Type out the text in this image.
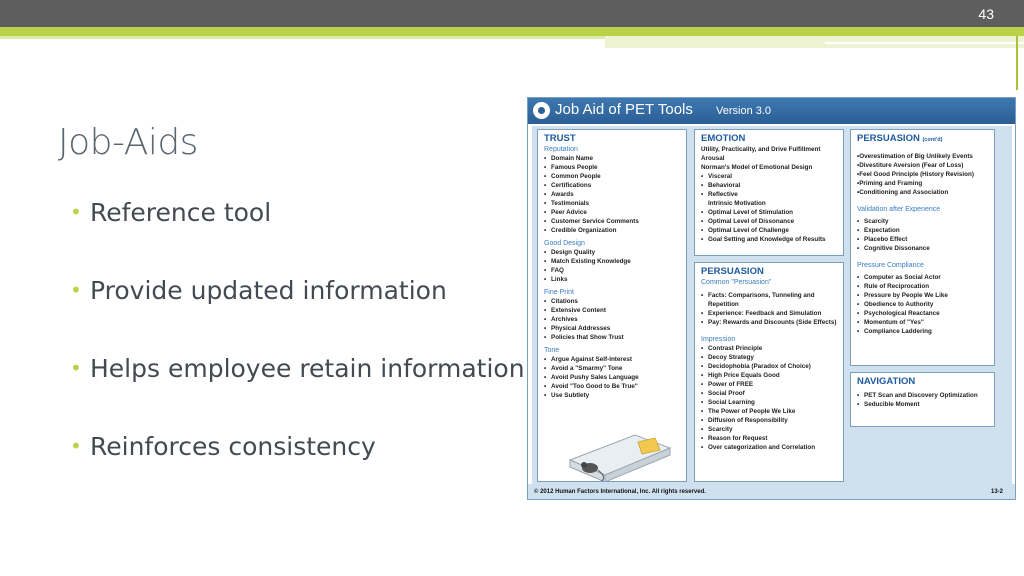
43
Job-Aids
• Reference tool
• Provide updated information
• Helps employee retain information
• Reinforces consistency
Job Aid of PET Tools Version 3.0
TRUST
Reputation
• Domain Name
• Famous People
• Common People
• Certifications
• Awards
• Testimonials
• Peer Advice
• Customer Service Comments
• Credible Organization
Good Design
• Design Quality
• Match Existing Knowledge
• FAQ
• Links
Fine Print
• Citations
• Extensive Content
• Archives
• Physical Addresses
• Policies that Show Trust
Tone
• Argue Against Self-Interest
• Avoid a "Smarmy" Tone
• Avoid Pushy Sales Language
• Avoid "Too Good to Be True"
• Use Subtlety
EMOTION
Utility, Practicality, and Drive Fulfillment
Arousal
Norman's Model of Emotional Design
• Visceral
• Behavioral
• Reflective
Intrinsic Motivation
• Optimal Level of Stimulation
• Optimal Level of Dissonance
• Optimal Level of Challenge
• Goal Setting and Knowledge of Results
PERSUASION
Common "Persuasion"
• Facts: Comparisons, Tunneling and Repetition
• Experience: Feedback and Simulation
• Pay: Rewards and Discounts (Side Effects)
Impression
• Contrast Principle
• Decoy Strategy
• Decidophobia (Paradox of Choice)
• High Price Equals Good
• Power of FREE
• Social Proof
• Social Learning
• The Power of People We Like
• Diffusion of Responsibility
• Scarcity
• Reason for Request
• Over categorization and Correlation
PERSUASION (cont'd)
•Overestimation of Big Unlikely Events
•Divestiture Aversion (Fear of Loss)
•Feel Good Principle (History Revision)
•Priming and Framing
•Conditioning and Association
Validation after Experience
• Scarcity
• Expectation
• Placebo Effect
• Cognitive Dissonance
Pressure Compliance
• Computer as Social Actor
• Rule of Reciprocation
• Pressure by People We Like
• Obedience to Authority
• Psychological Reactance
• Momentum of "Yes"
• Compliance Laddering
NAVIGATION
• PET Scan and Discovery Optimization
• Seducible Moment
© 2012 Human Factors International, Inc. All rights reserved.	13-2
